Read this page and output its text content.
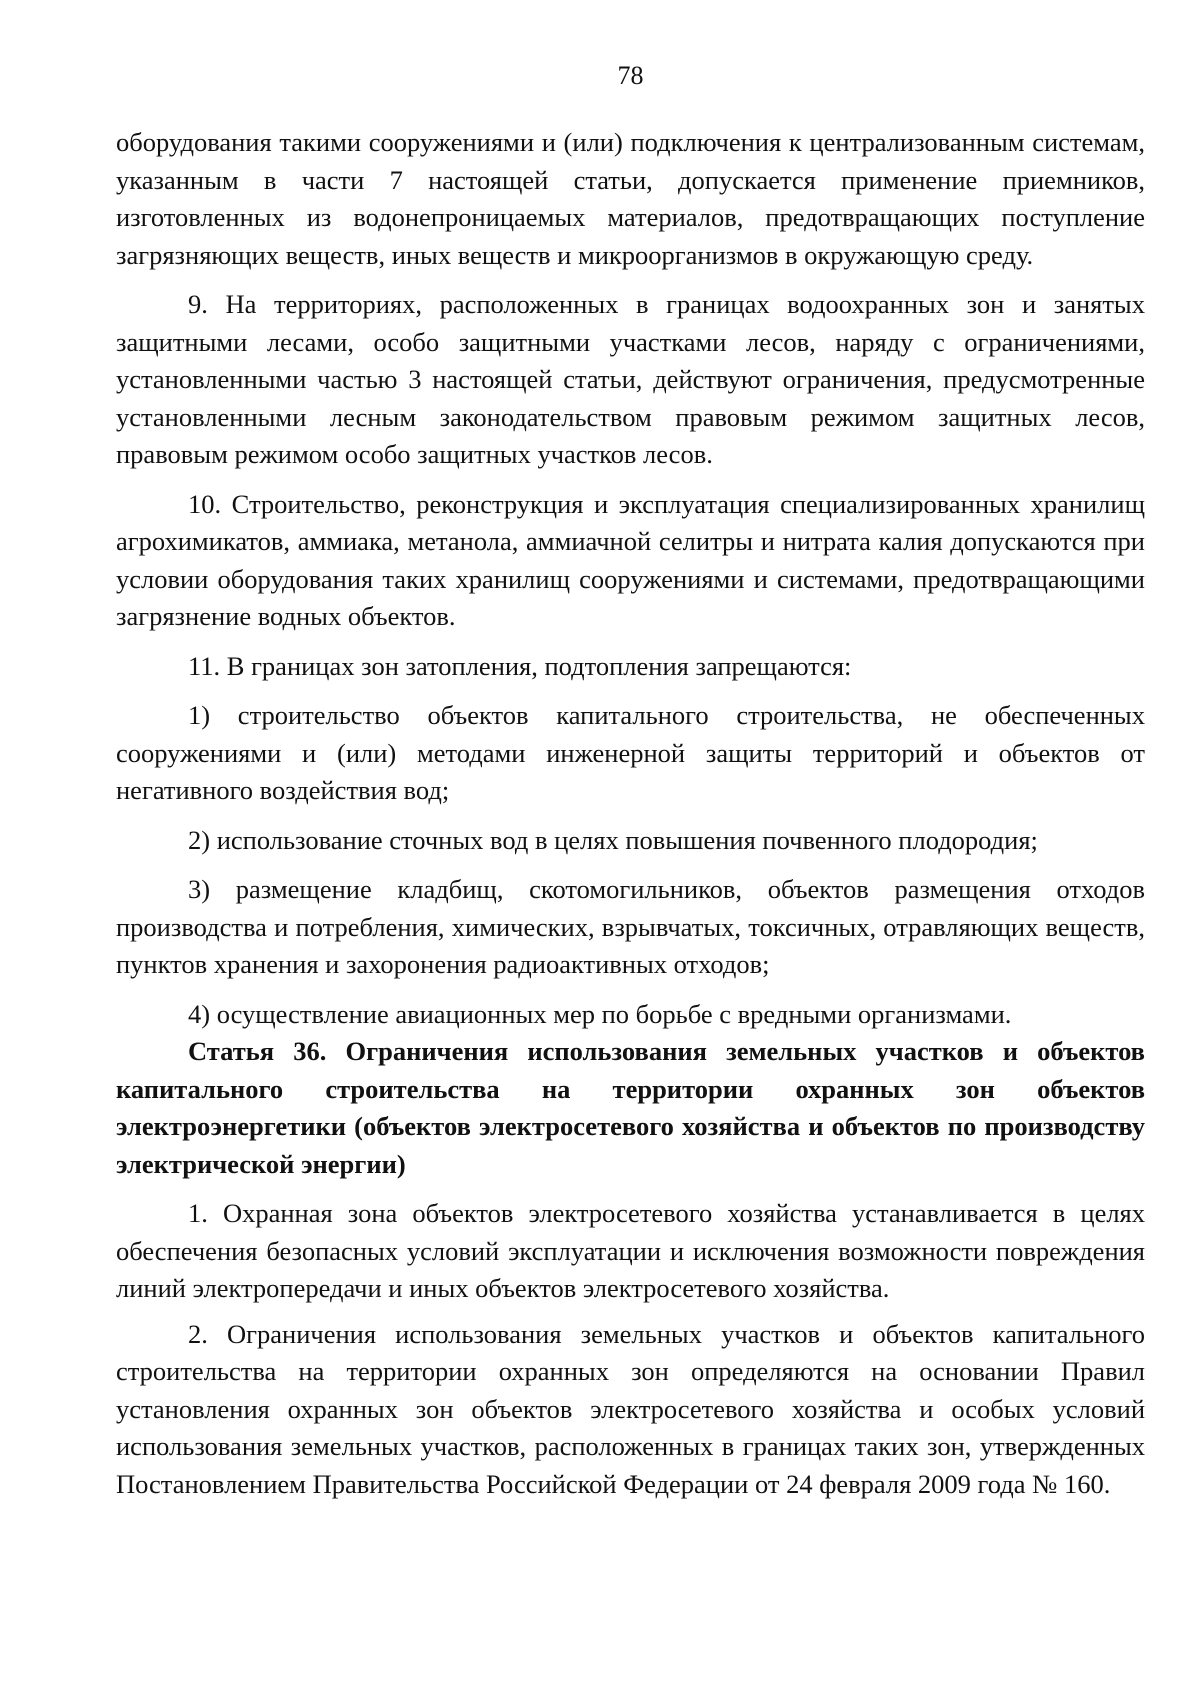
78

оборудования такими сооружениями и (или) подключения к централизованным системам, указанным в части 7 настоящей статьи, допускается применение приемников, изготовленных из водонепроницаемых материалов, предотвращающих поступление загрязняющих веществ, иных веществ и микроорганизмов в окружающую среду.

9. На территориях, расположенных в границах водоохранных зон и занятых защитными лесами, особо защитными участками лесов, наряду с ограничениями, установленными частью 3 настоящей статьи, действуют ограничения, предусмотренные установленными лесным законодательством правовым режимом защитных лесов, правовым режимом особо защитных участков лесов.

10. Строительство, реконструкция и эксплуатация специализированных хранилищ агрохимикатов, аммиака, метанола, аммиачной селитры и нитрата калия допускаются при условии оборудования таких хранилищ сооружениями и системами, предотвращающими загрязнение водных объектов.

11. В границах зон затопления, подтопления запрещаются:

1) строительство объектов капитального строительства, не обеспеченных сооружениями и (или) методами инженерной защиты территорий и объектов от негативного воздействия вод;

2) использование сточных вод в целях повышения почвенного плодородия;

3) размещение кладбищ, скотомогильников, объектов размещения отходов производства и потребления, химических, взрывчатых, токсичных, отравляющих веществ, пунктов хранения и захоронения радиоактивных отходов;

4) осуществление авиационных мер по борьбе с вредными организмами.

Статья 36. Ограничения использования земельных участков и объектов капитального строительства на территории охранных зон объектов электроэнергетики (объектов электросетевого хозяйства и объектов по производству электрической энергии)

1. Охранная зона объектов электросетевого хозяйства устанавливается в целях обеспечения безопасных условий эксплуатации и исключения возможности повреждения линий электропередачи и иных объектов электросетевого хозяйства.

2. Ограничения использования земельных участков и объектов капитального строительства на территории охранных зон определяются на основании Правил установления охранных зон объектов электросетевого хозяйства и особых условий использования земельных участков, расположенных в границах таких зон, утвержденных Постановлением Правительства Российской Федерации от 24 февраля 2009 года № 160.
